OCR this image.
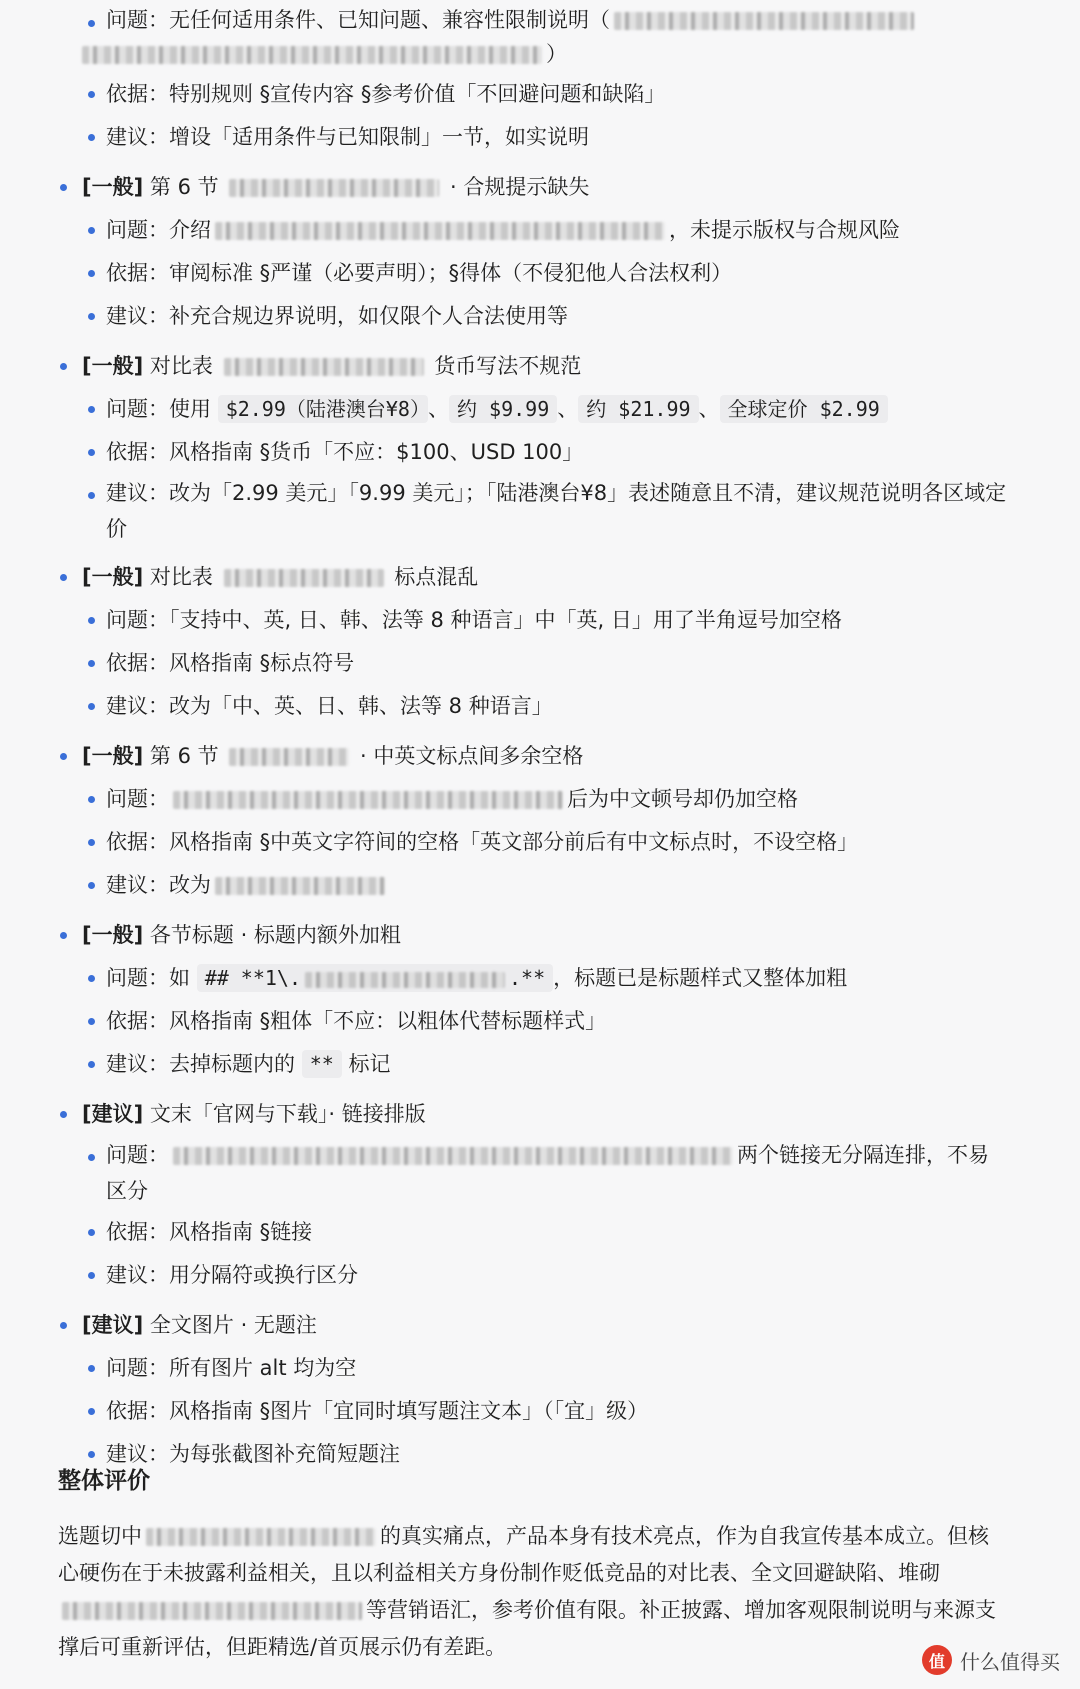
问题：无任何适用条件、已知问题、兼容性限制说明（
）
依据：特别规则 §宣传内容 §参考价值「不回避问题和缺陷」
建议：增设「适用条件与已知限制」一节，如实说明
[一般] 第 6 节	· 合规提示缺失
问题：介绍	，未提示版权与合规风险
依据：审阅标准 §严谨（必要声明）；§得体（不侵犯他人合法权利）
建议：补充合规边界说明，如仅限个人合法使用等
[一般] 对比表	货币写法不规范
问题：使用 $2.99（陆港澳台¥8） 、 约 $9.99 、 约 $21.99 、 全球定价 $2.99
依据：风格指南 §货币「不应：$100、USD 100」
建议：改为「2.99 美元」「9.99 美元」；「陆港澳台¥8」表述随意且不清，建议规范说明各区域定价
[一般] 对比表	标点混乱
问题：「支持中、英, 日、韩、法等 8 种语言」中「英, 日」用了半角逗号加空格
依据：风格指南 §标点符号
建议：改为「中、英、日、韩、法等 8 种语言」
[一般] 第 6 节	· 中英文标点间多余空格
问题：	后为中文顿号却仍加空格
依据：风格指南 §中英文字符间的空格「英文部分前后有中文标点时，不设空格」
建议：改为
[一般] 各节标题 · 标题内额外加粗
问题：如 ## **1\.	.** ，标题已是标题样式又整体加粗
依据：风格指南 §粗体「不应：以粗体代替标题样式」
建议：去掉标题内的 ** 标记
[建议] 文末「官网与下载」· 链接排版
问题：	两个链接无分隔连排，不易区分
依据：风格指南 §链接
建议：用分隔符或换行区分
[建议] 全文图片 · 无题注
问题：所有图片 alt 均为空
依据：风格指南 §图片「宜同时填写题注文本」（「宜」级）
建议：为每张截图补充简短题注
整体评价
选题切中	的真实痛点，产品本身有技术亮点，作为自我宣传基本成立。但核心硬伤在于未披露利益相关，且以利益相关方身份制作贬低竞品的对比表、全文回避缺陷、堆砌等营销语汇，参考价值有限。补正披露、增加客观限制说明与来源支撑后可重新评估，但距精选/首页展示仍有差距。
值 什么值得买
